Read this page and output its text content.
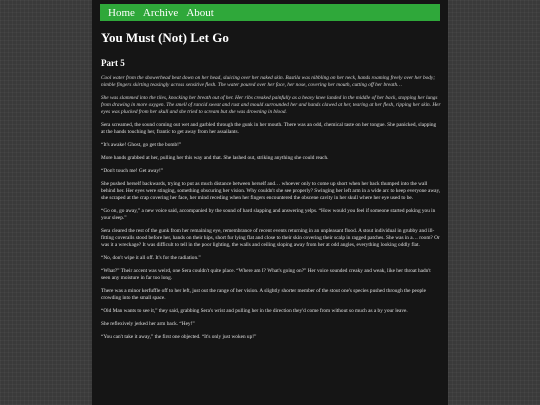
Home Archive About
You Must (Not) Let Go
Part 5

Cool water from the showerhead beat down on her head, sluicing over her naked skin. Bastila was nibbling on her neck, hands roaming freely over her body; nimble fingers skirting teasingly across sensitive flesh. The water poured over her face, her nose, covering her mouth, cutting off her breath…

She was slammed into the tiles, knocking her breath out of her. Her ribs creaked painfully as a heavy knee landed in the middle of her back, stopping her lungs from drawing in more oxygen. The smell of rancid sweat and rust and mould surrounded her and hands clawed at her, tearing at her flesh, ripping her skin. Her eyes was plucked from her skull and she tried to scream but she was drowning in blood.

Sera screamed, the sound coming out wet and garbled through the gunk in her mouth. There was an odd, chemical taste on her tongue. She panicked, slapping at the hands touching her, frantic to get away from her assailants.

“It's awake! Ghost, go get the bomb!”

More hands grabbed at her, pulling her this way and that. She lashed out, striking anything she could reach.

“Don't touch me! Get away!”

She pushed herself backwards, trying to put as much distance between herself and… whoever only to come up short when her back thumped into the wall behind her. Her eyes were stinging, something obscuring her vision. Why couldn't she see properly? Swinging her left arm in a wide arc to keep everyone away, she scraped at the crap covering her face, her mind receding when her fingers encountered the obscene cavity in her skull where her eye used to be.

“Go on, go away,” a new voice said, accompanied by the sound of hard slapping and answering yelps. “How would you feel if someone started poking you in your sleep.”

Sera cleared the rest of the gunk from her remaining eye, remembrance of recent events returning in an unpleasant flood. A stout individual in grubby and ill-fitting coveralls stood before her, hands on their hips, short fur lying flat and close to their skin covering their scalp in ragged patches. She was in a… room? Or was it a wreckage? It was difficult to tell in the poor lighting, the walls and ceiling sloping away from her at odd angles, everything looking oddly flat.

“No, don't wipe it all off. It's for the radiation.”

“What?” Their accent was weird, one Sera couldn't quite place. “Where am I? What's going on?” Her voice sounded creaky and weak, like her throat hadn't seen any moisture in far too long.

There was a minor kerfuffle off to her left, just out the range of her vision. A slightly shorter member of the stout one's species pushed through the people crowding into the small space.

“Old Man wants to see it,” they said, grabbing Sera's wrist and pulling her in the direction they'd come from without so much as a by your leave.

She reflexively jerked her arm back. “Hey!”

“You can't take it away,” the first one objected. “It's only just woken up!”
